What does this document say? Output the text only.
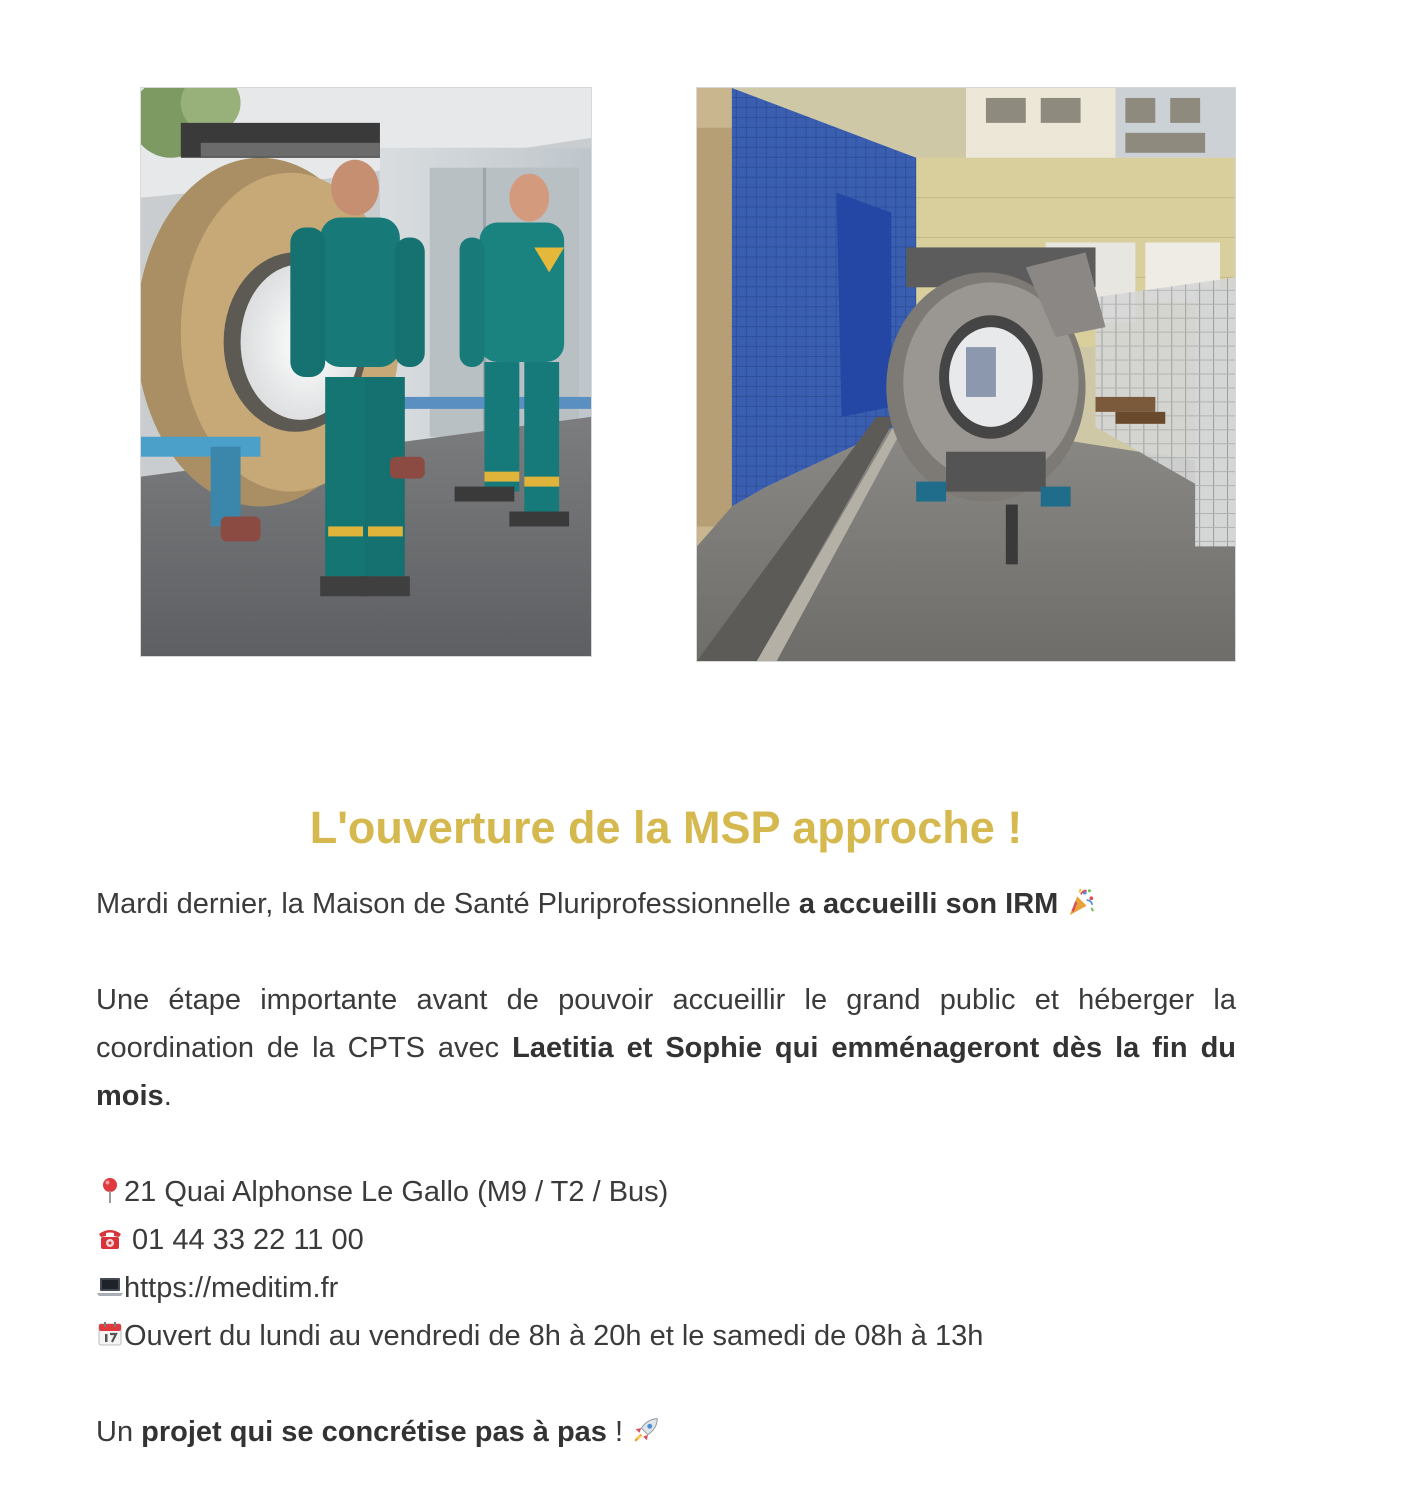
L'ouverture de la MSP approche !

Mardi dernier, la Maison de Santé Pluriprofessionnelle a accueilli son IRM

Une étape importante avant de pouvoir accueillir le grand public et héberger la coordination de la CPTS avec Laetitia et Sophie qui emménageront dès la fin du mois.

21 Quai Alphonse Le Gallo (M9 / T2 / Bus)

01 44 33 22 11 00

https://meditim.fr

Ouvert du lundi au vendredi de 8h à 20h et le samedi de 08h à 13h

Un projet qui se concrétise pas à pas !
